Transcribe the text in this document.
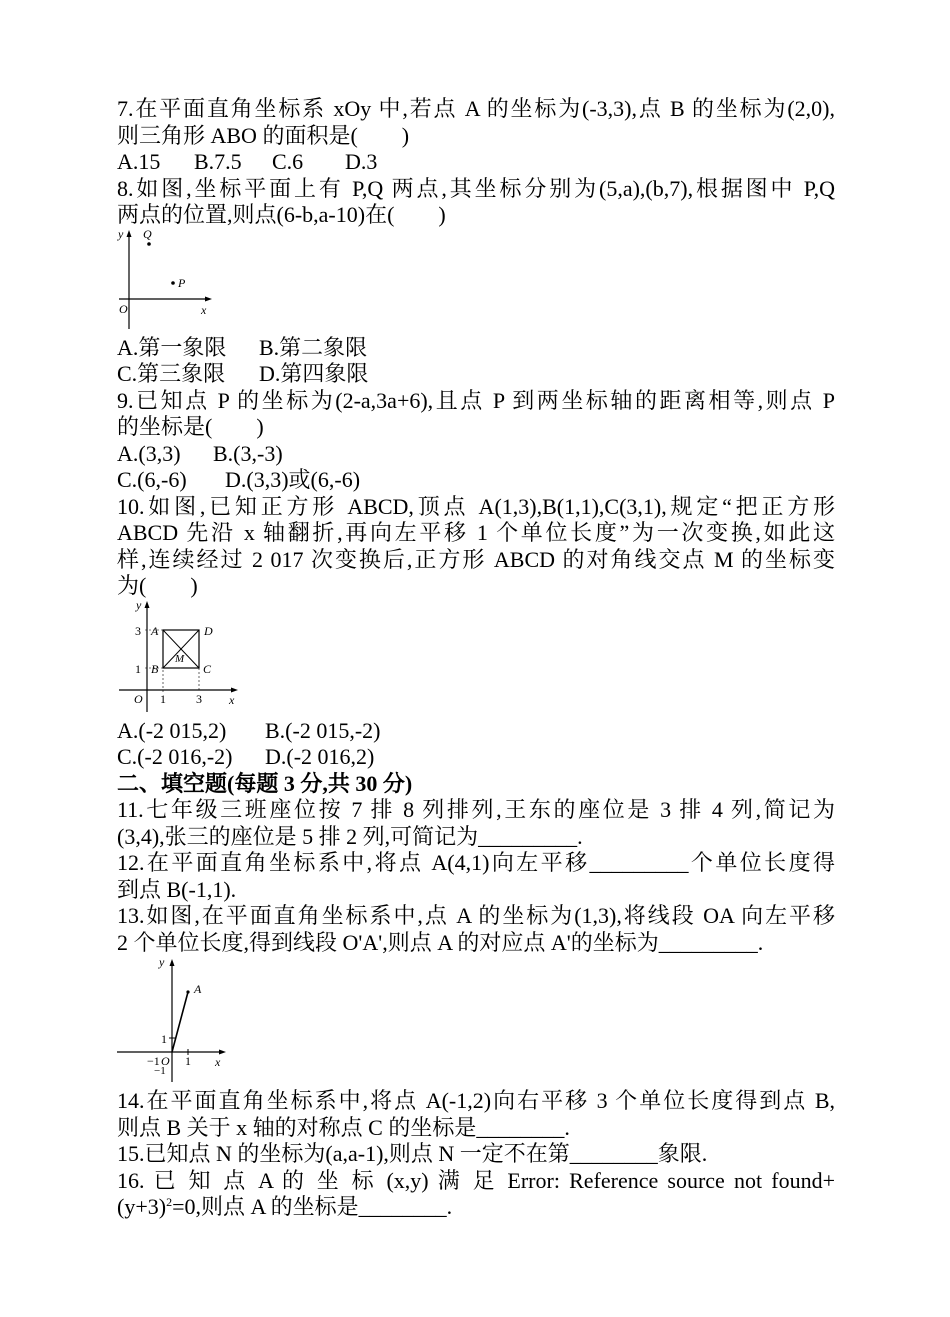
7.在平面直角坐标系 xOy 中,若点 A 的坐标为(-3,3),点 B 的坐标为(2,0),
则三角形 ABO 的面积是(　　)
A.15 B.7.5 C.6 D.3
8.如图,坐标平面上有 P,Q 两点,其坐标分别为(5,a),(b,7),根据图中 P,Q
两点的位置,则点(6-b,a-10)在(　　)
y Q
P
O	x
A.第一象限 B.第二象限
C.第三象限 D.第四象限
9.已知点 P 的坐标为(2-a,3a+6),且点 P 到两坐标轴的距离相等,则点 P
的坐标是(　　)
A.(3,3) B.(3,-3)
C.(6,-6) D.(3,3)或(6,-6)
10.如图,已知正方形 ABCD,顶点 A(1,3),B(1,1),C(3,1),规定“把正方形
ABCD 先沿 x 轴翻折,再向左平移 1 个单位长度”为一次变换,如此这
样,连续经过 2 017 次变换后,正方形 ABCD 的对角线交点 M 的坐标变
为(　　)
y
3
1
A
B
D
C
M
O 1	3 x
A.(-2 015,2) B.(-2 015,-2)
C.(-2 016,-2) D.(-2 016,2)
二、填空题(每题 3 分,共 30 分)
11.七年级三班座位按 7 排 8 列排列,王东的座位是 3 排 4 列,简记为
(3,4),张三的座位是 5 排 2 列,可简记为_________.
12.在平面直角坐标系中,将点 A(4,1)向左平移_________个单位长度得
到点 B(-1,1).
13.如图,在平面直角坐标系中,点 A 的坐标为(1,3),将线段 OA 向左平移
2 个单位长度,得到线段 O'A',则点 A 的对应点 A'的坐标为_________.
y
A
1
−1 O
−1
1 x
14.在平面直角坐标系中,将点 A(-1,2)向右平移 3 个单位长度得到点 B,
则点 B 关于 x 轴的对称点 C 的坐标是________.
15.已知点 N 的坐标为(a,a-1),则点 N 一定不在第________象限.
16. 已 知 点 A 的 坐 标 (x,y) 满 足 Error: Reference source not found+
$(y+3)^2=0$,则点 A 的坐标是________.
